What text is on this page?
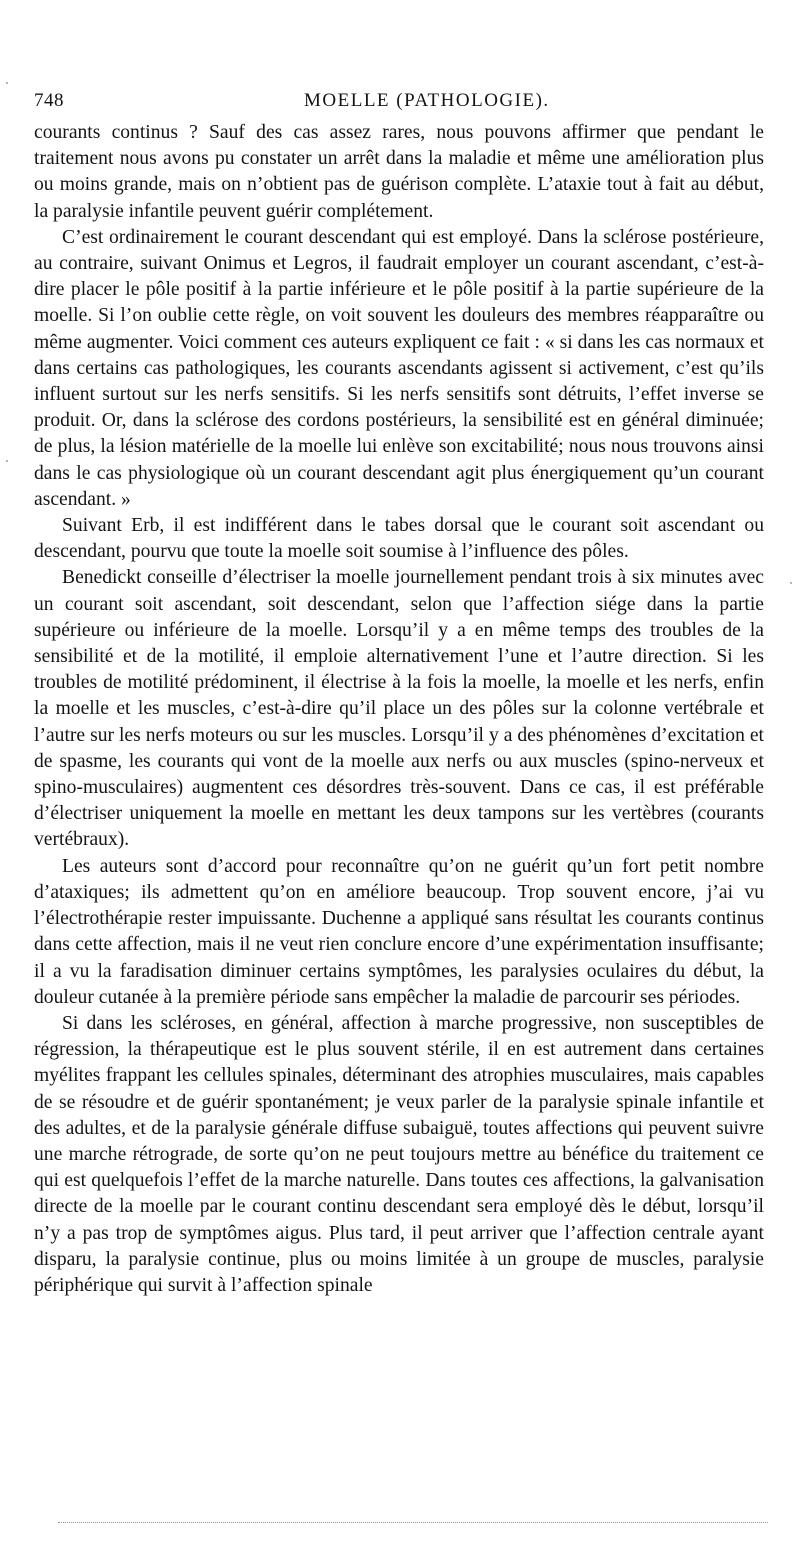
748	MOELLE (PATHOLOGIE).

courants continus ? Sauf des cas assez rares, nous pouvons affirmer que pendant le traitement nous avons pu constater un arrêt dans la maladie et même une amélioration plus ou moins grande, mais on n’obtient pas de guérison complète. L’ataxie tout à fait au début, la paralysie infantile peuvent guérir complétement.

C’est ordinairement le courant descendant qui est employé. Dans la sclérose postérieure, au contraire, suivant Onimus et Legros, il faudrait employer un courant ascendant, c’est-à-dire placer le pôle positif à la partie inférieure et le pôle positif à la partie supérieure de la moelle. Si l’on oublie cette règle, on voit souvent les douleurs des membres réapparaître ou même augmenter. Voici comment ces auteurs expliquent ce fait : « si dans les cas normaux et dans certains cas pathologiques, les courants ascendants agissent si activement, c’est qu’ils influent surtout sur les nerfs sensitifs. Si les nerfs sensitifs sont détruits, l’effet inverse se produit. Or, dans la sclérose des cordons postérieurs, la sensibilité est en général diminuée; de plus, la lésion matérielle de la moelle lui enlève son excitabilité; nous nous trouvons ainsi dans le cas physiologique où un courant descendant agit plus énergiquement qu’un courant ascendant. »

Suivant Erb, il est indifférent dans le tabes dorsal que le courant soit ascendant ou descendant, pourvu que toute la moelle soit soumise à l’influence des pôles.

Benedickt conseille d’électriser la moelle journellement pendant trois à six minutes avec un courant soit ascendant, soit descendant, selon que l’affection siége dans la partie supérieure ou inférieure de la moelle. Lorsqu’il y a en même temps des troubles de la sensibilité et de la motilité, il emploie alternativement l’une et l’autre direction. Si les troubles de motilité prédominent, il électrise à la fois la moelle, la moelle et les nerfs, enfin la moelle et les muscles, c’est-à-dire qu’il place un des pôles sur la colonne vertébrale et l’autre sur les nerfs moteurs ou sur les muscles. Lorsqu’il y a des phénomènes d’excitation et de spasme, les courants qui vont de la moelle aux nerfs ou aux muscles (spino-nerveux et spino-musculaires) augmentent ces désordres très-souvent. Dans ce cas, il est préférable d’électriser uniquement la moelle en mettant les deux tampons sur les vertèbres (courants vertébraux).

Les auteurs sont d’accord pour reconnaître qu’on ne guérit qu’un fort petit nombre d’ataxiques; ils admettent qu’on en améliore beaucoup. Trop souvent encore, j’ai vu l’électrothérapie rester impuissante. Duchenne a appliqué sans résultat les courants continus dans cette affection, mais il ne veut rien conclure encore d’une expérimentation insuffisante; il a vu la faradisation diminuer certains symptômes, les paralysies oculaires du début, la douleur cutanée à la première période sans empêcher la maladie de parcourir ses périodes.

Si dans les scléroses, en général, affection à marche progressive, non susceptibles de régression, la thérapeutique est le plus souvent stérile, il en est autrement dans certaines myélites frappant les cellules spinales, déterminant des atrophies musculaires, mais capables de se résoudre et de guérir spontanément; je veux parler de la paralysie spinale infantile et des adultes, et de la paralysie générale diffuse subaiguë, toutes affections qui peuvent suivre une marche rétrograde, de sorte qu’on ne peut toujours mettre au bénéfice du traitement ce qui est quelquefois l’effet de la marche naturelle. Dans toutes ces affections, la galvanisation directe de la moelle par le courant continu descendant sera employé dès le début, lorsqu’il n’y a pas trop de symptômes aigus. Plus tard, il peut arriver que l’affection centrale ayant disparu, la paralysie continue, plus ou moins limitée à un groupe de muscles, paralysie périphérique qui survit à l’affection spinale
